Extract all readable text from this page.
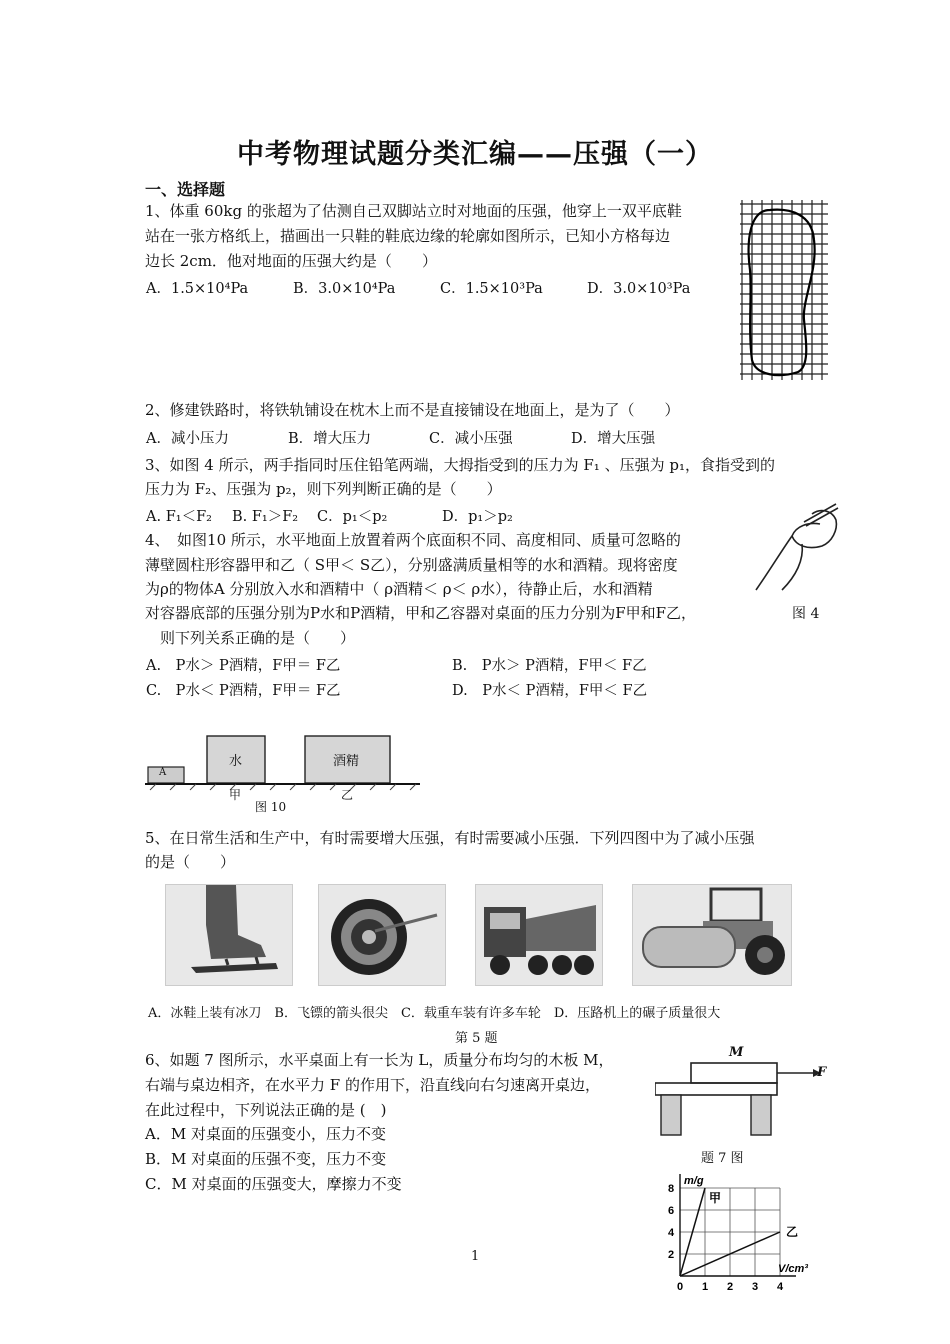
中考物理试题分类汇编——压强（一）
一、选择题
1、体重 60kg 的张超为了估测自己双脚站立时对地面的压强，他穿上一双平底鞋
站在一张方格纸上，描画出一只鞋的鞋底边缘的轮廓如图所示，已知小方格每边
边长 2cm．他对地面的压强大约是（　　）
A．1.5×10⁴Pa	B．3.0×10⁴Pa	C．1.5×10³Pa	D．3.0×10³Pa
2、修建铁路时，将铁轨铺设在枕木上而不是直接铺设在地面上，是为了（　　）
A．减小压力	B．增大压力	C．减小压强	D．增大压强
3、如图 4 所示，两手指同时压住铅笔两端，大拇指受到的压力为 F₁ 、压强为 p₁，食指受到的
压力为 F₂、压强为 p₂，则下列判断正确的是（　　）
A. F₁＜F₂ B. F₁＞F₂ C．p₁＜p₂	D．p₁＞p₂
图 4
4、　如图10 所示，水平地面上放置着两个底面积不同、高度相同、质量可忽略的
薄壁圆柱形容器甲和乙（ S甲＜ S乙），分别盛满质量相等的水和酒精。现将密度
为ρ的物体A 分别放入水和酒精中（ ρ酒精＜ ρ＜ ρ水），待静止后，水和酒精
对容器底部的压强分别为P水和P酒精，甲和乙容器对桌面的压力分别为F甲和F乙，
　则下列关系正确的是（　　）
A.　P水＞ P酒精，F甲＝ F乙	B.　P水＞ P酒精，F甲＜ F乙
C.　P水＜ P酒精，F甲＝ F乙	D.　P水＜ P酒精，F甲＜ F乙
A
水	酒精
甲	乙
图 10
5、在日常生活和生产中，有时需要增大压强，有时需要减小压强．下列四图中为了减小压强
的是（　　）
A．冰鞋上装有冰刀　B．飞镖的箭头很尖　C．载重车装有许多车轮　D．压路机上的碾子质量很大
第 5 题
6、如题 7 图所示，水平桌面上有一长为 L，质量分布均匀的木板 M，
右端与桌边相齐，在水平力 F 的作用下，沿直线向右匀速离开桌边，
在此过程中，下列说法正确的是 (　)
A．M 对桌面的压强变小，压力不变
B．M 对桌面的压强不变，压力不变
C．M 对桌面的压强变大，摩擦力不变
M
F
题 7 图
0 1 2 3 4
2
4
6
8
m/g
V/cm³
甲
乙
1
